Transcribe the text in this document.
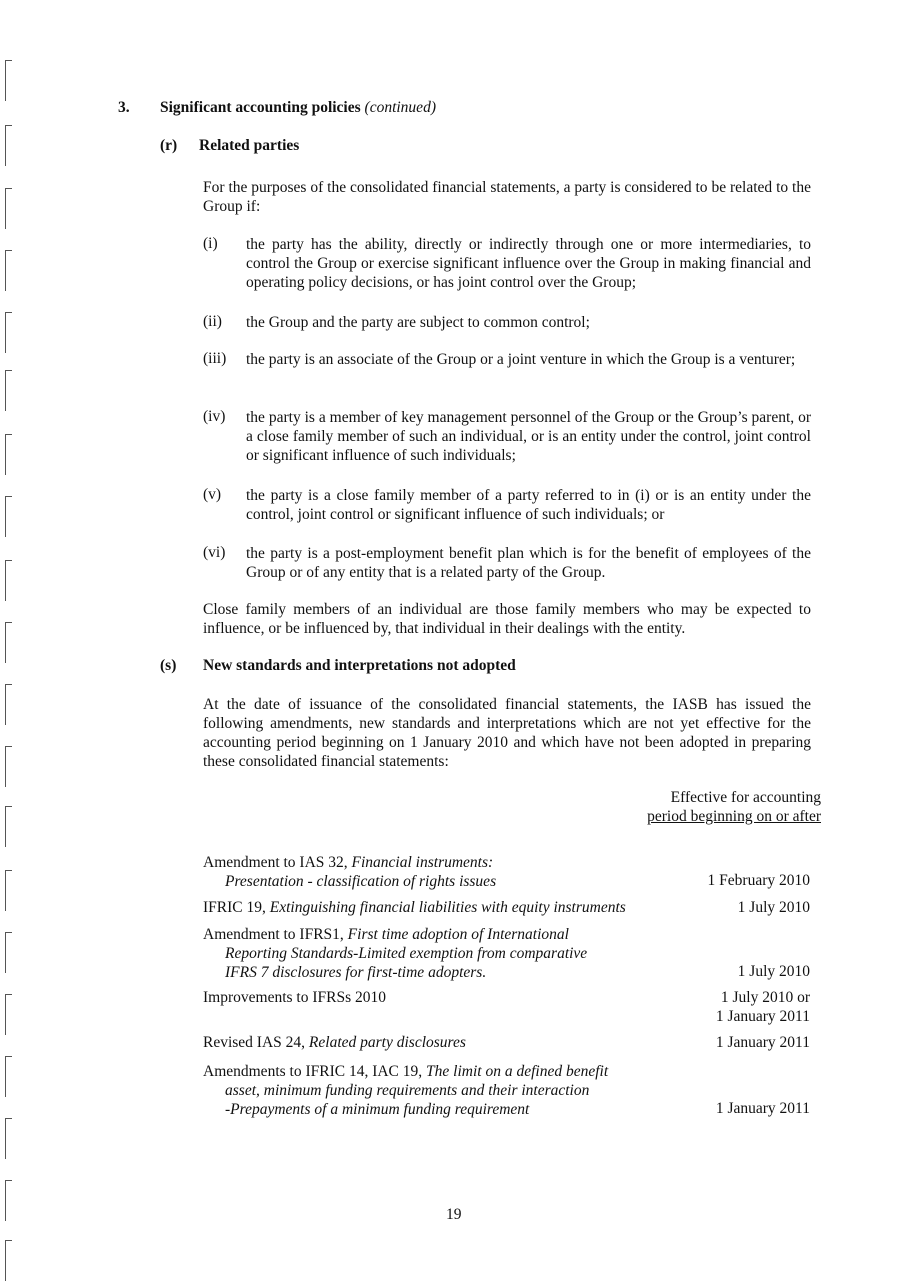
3. Significant accounting policies (continued)
(r) Related parties
For the purposes of the consolidated financial statements, a party is considered to be related to the Group if:
(i) the party has the ability, directly or indirectly through one or more intermediaries, to control the Group or exercise significant influence over the Group in making financial and operating policy decisions, or has joint control over the Group;
(ii) the Group and the party are subject to common control;
(iii) the party is an associate of the Group or a joint venture in which the Group is a venturer;
(iv) the party is a member of key management personnel of the Group or the Group’s parent, or a close family member of such an individual, or is an entity under the control, joint control or significant influence of such individuals;
(v) the party is a close family member of a party referred to in (i) or is an entity under the control, joint control or significant influence of such individuals; or
(vi) the party is a post-employment benefit plan which is for the benefit of employees of the Group or of any entity that is a related party of the Group.
Close family members of an individual are those family members who may be expected to influence, or be influenced by, that individual in their dealings with the entity.
(s) New standards and interpretations not adopted
At the date of issuance of the consolidated financial statements, the IASB has issued the following amendments, new standards and interpretations which are not yet effective for the accounting period beginning on 1 January 2010 and which have not been adopted in preparing these consolidated financial statements:
Effective for accounting
period beginning on or after
Amendment to IAS 32, Financial instruments:
Presentation - classification of rights issues	1 February 2010
IFRIC 19, Extinguishing financial liabilities with equity instruments	1 July 2010
Amendment to IFRS1, First time adoption of International
Reporting Standards-Limited exemption from comparative
IFRS 7 disclosures for first-time adopters.	1 July 2010
Improvements to IFRSs 2010	1 July 2010 or
1 January 2011
Revised IAS 24, Related party disclosures	1 January 2011
Amendments to IFRIC 14, IAC 19, The limit on a defined benefit
asset, minimum funding requirements and their interaction
-Prepayments of a minimum funding requirement	1 January 2011
19
